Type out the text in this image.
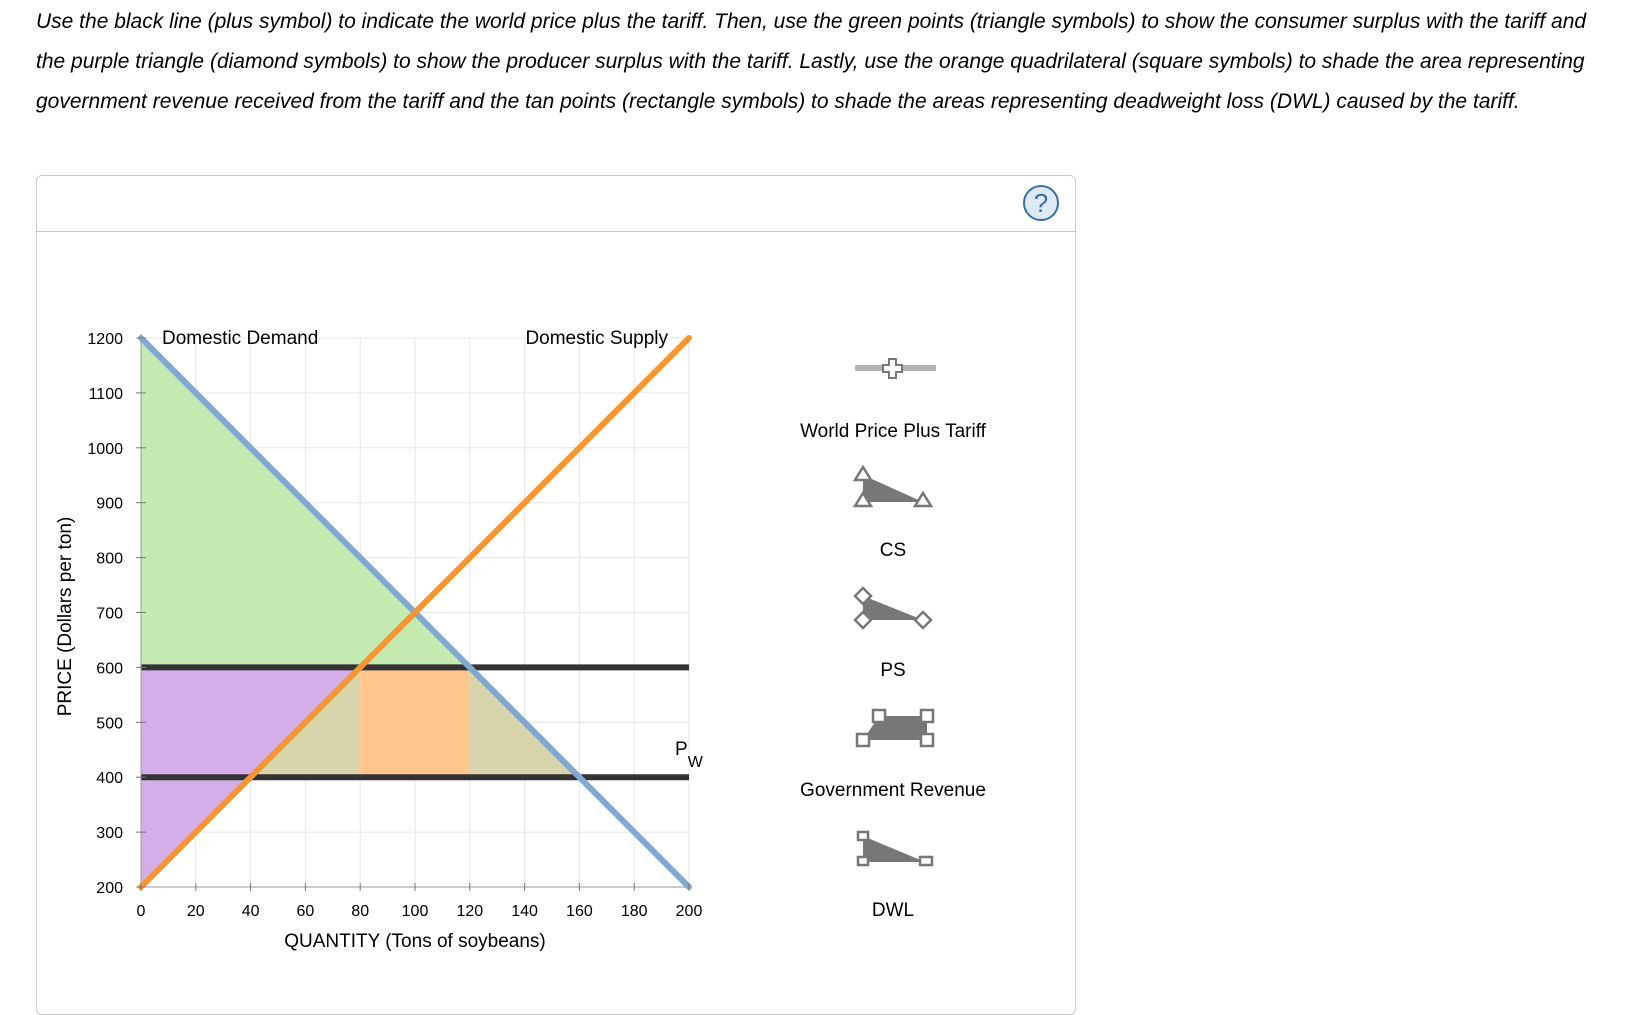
Use the black line (plus symbol) to indicate the world price plus the tariff. Then, use the green points (triangle symbols) to show the consumer surplus with the tariff and the purple triangle (diamond symbols) to show the producer surplus with the tariff. Lastly, use the orange quadrilateral (square symbols) to shade the area representing government revenue received from the tariff and the tan points (rectangle symbols) to shade the areas representing deadweight loss (DWL) caused by the tariff.

?
0	20 40 60 80 100 120 140 160 180 200
200
300
400
500
600
700
800
900
1000
1100
1200
QUANTITY (Tons of soybeans)
PRICE (Dollars per ton)
Domestic Demand	Domestic Supply
$P_W$
World Price Plus Tariff
CS
PS
Government Revenue
DWL
